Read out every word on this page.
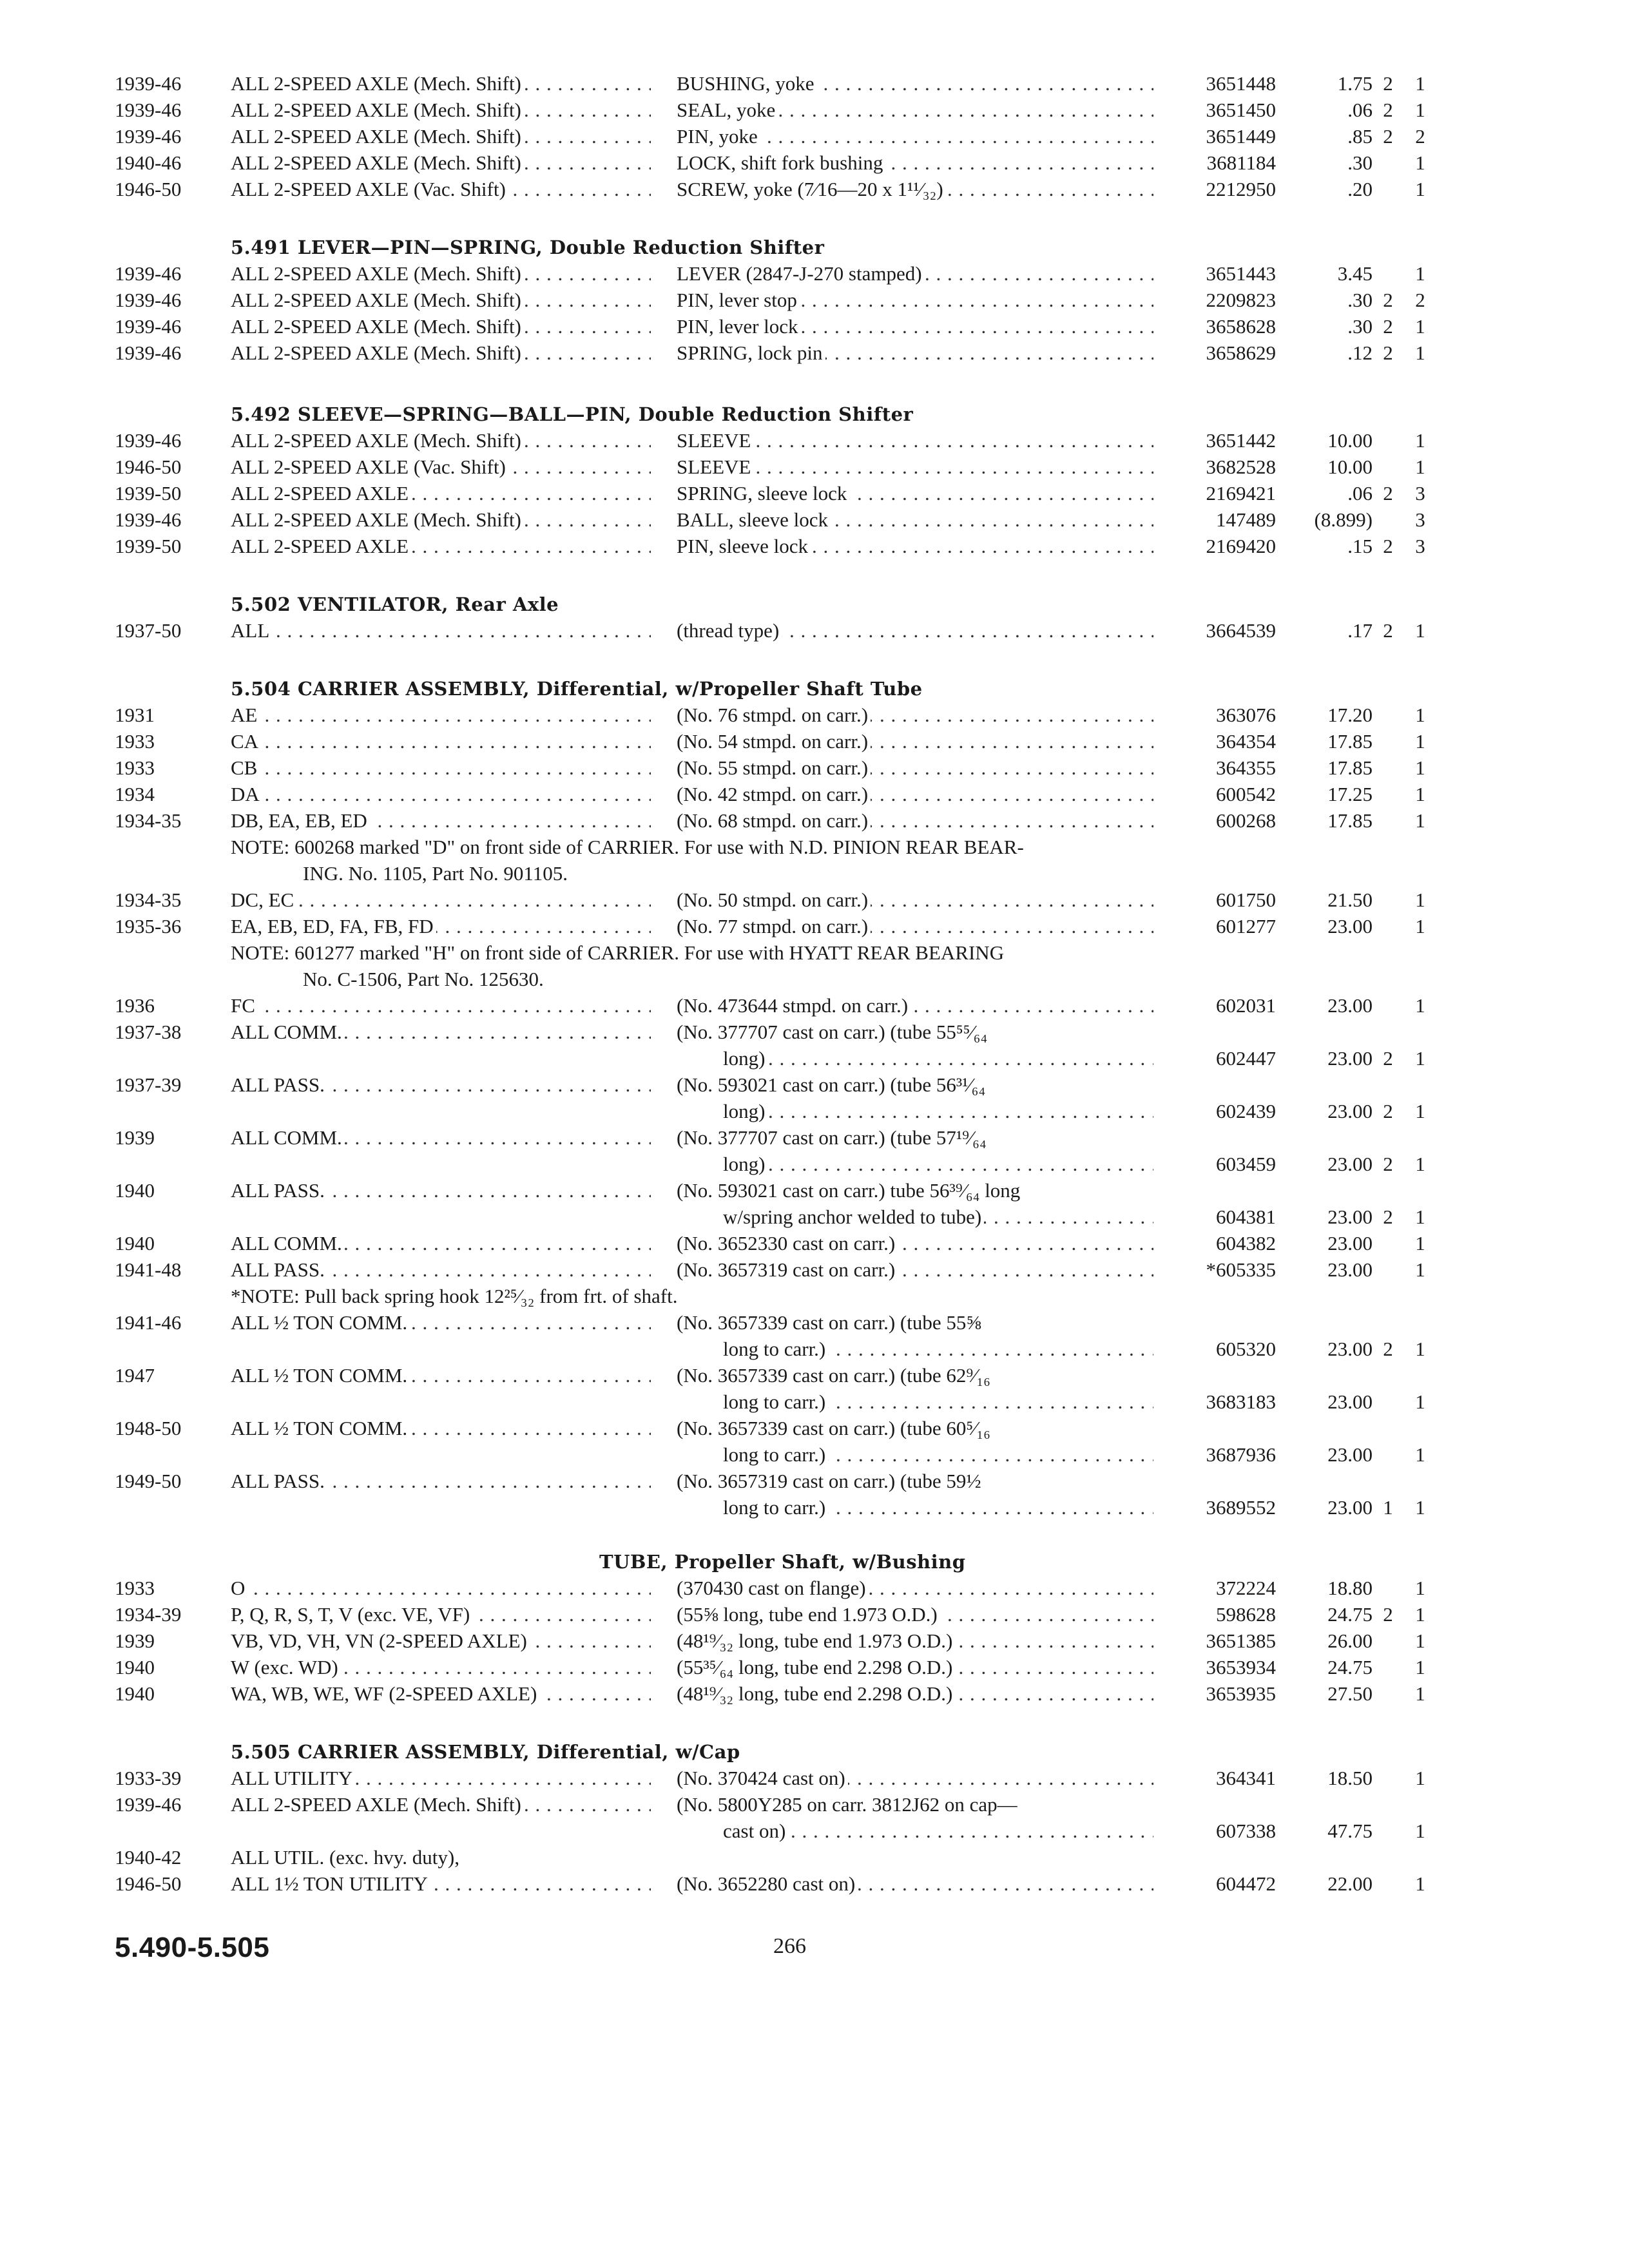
1939-46	ALL 2-SPEED AXLE (Mech. Shift) . . .	BUSHING, yoke . . .	3651448	1.75 2	1
1939-46	ALL 2-SPEED AXLE (Mech. Shift) . . .	SEAL, yoke . . .	3651450	.06 2	1
1939-46	ALL 2-SPEED AXLE (Mech. Shift) . . .	PIN, yoke . . .	3651449	.85 2	2
1940-46	ALL 2-SPEED AXLE (Mech. Shift) . . .	LOCK, shift fork bushing . . .	3681184	.30	1
1946-50	ALL 2-SPEED AXLE (Vac. Shift) . . .	SCREW, yoke (7⁄16—20 x 1¹¹⁄₃₂) . . .	2212950	.20	1
5.491 LEVER—PIN—SPRING, Double Reduction Shifter
1939-46	ALL 2-SPEED AXLE (Mech. Shift) . . .	LEVER (2847-J-270 stamped) . . .	3651443	3.45	1
1939-46	ALL 2-SPEED AXLE (Mech. Shift) . . .	PIN, lever stop . . .	2209823	.30 2	2
1939-46	ALL 2-SPEED AXLE (Mech. Shift) . . .	PIN, lever lock . . .	3658628	.30 2	1
1939-46	ALL 2-SPEED AXLE (Mech. Shift) . . .	SPRING, lock pin . . .	3658629	.12 2	1
5.492 SLEEVE—SPRING—BALL—PIN, Double Reduction Shifter
1939-46	ALL 2-SPEED AXLE (Mech. Shift) . . .	SLEEVE . . .	3651442	10.00	1
1946-50	ALL 2-SPEED AXLE (Vac. Shift) . . .	SLEEVE . . .	3682528	10.00	1
1939-50	ALL 2-SPEED AXLE . . .	SPRING, sleeve lock . . .	2169421	.06 2	3
1939-46	ALL 2-SPEED AXLE (Mech. Shift) . . .	BALL, sleeve lock . . .	147489	(8.899)	3
1939-50	ALL 2-SPEED AXLE . . .	PIN, sleeve lock . . .	2169420	.15 2	3
5.502 VENTILATOR, Rear Axle
1937-50	ALL . . .	(thread type) . . .	3664539	.17 2	1
5.504 CARRIER ASSEMBLY, Differential, w/Propeller Shaft Tube
1931	AE . . .	(No. 76 stmpd. on carr.) . . .	363076	17.20	1
1933	CA . . .	(No. 54 stmpd. on carr.) . . .	364354	17.85	1
1933	CB . . .	(No. 55 stmpd. on carr.) . . .	364355	17.85	1
1934	DA . . .	(No. 42 stmpd. on carr.) . . .	600542	17.25	1
1934-35	DB, EA, EB, ED . . .	(No. 68 stmpd. on carr.) . . .	600268	17.85	1
NOTE: 600268 marked "D" on front side of CARRIER. For use with N.D. PINION REAR BEAR-
ING. No. 1105, Part No. 901105.
1934-35	DC, EC . . .	(No. 50 stmpd. on carr.) . . .	601750	21.50	1
1935-36	EA, EB, ED, FA, FB, FD . . .	(No. 77 stmpd. on carr.) . . .	601277	23.00	1
NOTE: 601277 marked "H" on front side of CARRIER. For use with HYATT REAR BEARING
No. C-1506, Part No. 125630.
1936	FC . . .	(No. 473644 stmpd. on carr.) . . .	602031	23.00	1
1937-38	ALL COMM. . . .	(No. 377707 cast on carr.) (tube 55⁵⁵⁄₆₄
long) . . .	602447	23.00 2	1
1937-39	ALL PASS. . . .	(No. 593021 cast on carr.) (tube 56³¹⁄₆₄
long) . . .	602439	23.00 2	1
1939	ALL COMM. . . .	(No. 377707 cast on carr.) (tube 57¹⁹⁄₆₄
long) . . .	603459	23.00 2	1
1940	ALL PASS. . . .	(No. 593021 cast on carr.) tube 56³⁹⁄₆₄ long
w/spring anchor welded to tube) . . .	604381	23.00 2	1
1940	ALL COMM. . . .	(No. 3652330 cast on carr.) . . .	604382	23.00	1
1941-48	ALL PASS. . . .	(No. 3657319 cast on carr.) . . .	*605335	23.00	1
*NOTE: Pull back spring hook 12²⁵⁄₃₂ from frt. of shaft.
1941-46	ALL ½ TON COMM. . . .	(No. 3657339 cast on carr.) (tube 55⅝
long to carr.) . . .	605320	23.00 2	1
1947	ALL ½ TON COMM. . . .	(No. 3657339 cast on carr.) (tube 62⁹⁄₁₆
long to carr.) . . .	3683183	23.00	1
1948-50	ALL ½ TON COMM. . . .	(No. 3657339 cast on carr.) (tube 60⁵⁄₁₆
long to carr.) . . .	3687936	23.00	1
1949-50	ALL PASS. . . .	(No. 3657319 cast on carr.) (tube 59½
long to carr.) . . .	3689552	23.00 1	1
TUBE, Propeller Shaft, w/Bushing
1933	O . . .	(370430 cast on flange) . . .	372224	18.80	1
1934-39	P, Q, R, S, T, V (exc. VE, VF) . . .	(55⅝ long, tube end 1.973 O.D.) . . .	598628	24.75 2	1
1939	VB, VD, VH, VN (2-SPEED AXLE) . . .	(48¹⁹⁄₃₂ long, tube end 1.973 O.D.) . . .	3651385	26.00	1
1940	W (exc. WD) . . .	(55³⁵⁄₆₄ long, tube end 2.298 O.D.) . . .	3653934	24.75	1
1940	WA, WB, WE, WF (2-SPEED AXLE) . . .	(48¹⁹⁄₃₂ long, tube end 2.298 O.D.) . . .	3653935	27.50	1
5.505 CARRIER ASSEMBLY, Differential, w/Cap
1933-39	ALL UTILITY . . .	(No. 370424 cast on) . . .	364341	18.50	1
1939-46	ALL 2-SPEED AXLE (Mech. Shift) . . .	(No. 5800Y285 on carr. 3812J62 on cap—
cast on) . . .	607338	47.75	1
1940-42	ALL UTIL. (exc. hvy. duty),
1946-50	ALL 1½ TON UTILITY . . .	(No. 3652280 cast on) . . .	604472	22.00	1
5.490-5.505	266
